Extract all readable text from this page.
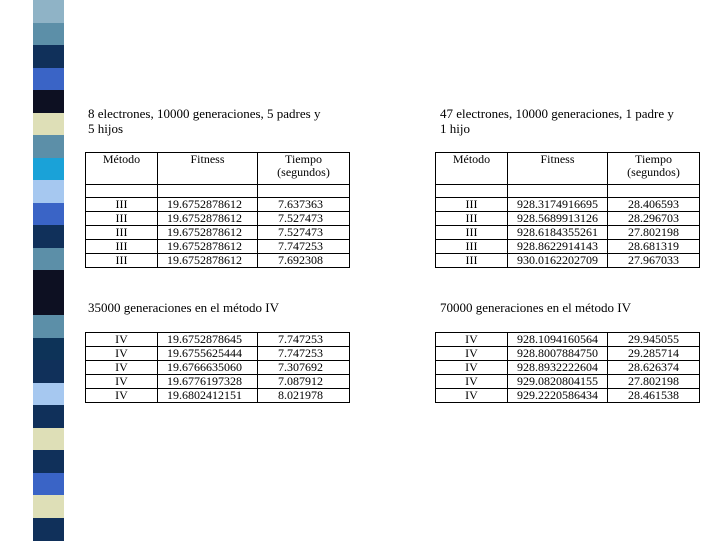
8 electrones, 10000 generaciones, 5 padres y
5 hijos

Método	Fitness	Tiempo
(segundos)

III	19.6752878612	7.637363
III	19.6752878612	7.527473
III	19.6752878612	7.527473
III	19.6752878612	7.747253
III	19.6752878612	7.692308
35000 generaciones en el método IV
IV	19.6752878645	7.747253
IV	19.6755625444	7.747253
IV	19.6766635060	7.307692
IV	19.6776197328	7.087912
IV	19.6802412151	8.021978

47 electrones, 10000 generaciones, 1 padre y
1 hijo

Método	Fitness	Tiempo
(segundos)

III	928.3174916695	28.406593
III	928.5689913126	28.296703
III	928.6184355261	27.802198
III	928.8622914143	28.681319
III	930.0162202709	27.967033
70000 generaciones en el método IV
IV	928.1094160564	29.945055
IV	928.8007884750	29.285714
IV	928.8932222604	28.626374
IV	929.0820804155	27.802198
IV	929.2220586434	28.461538
